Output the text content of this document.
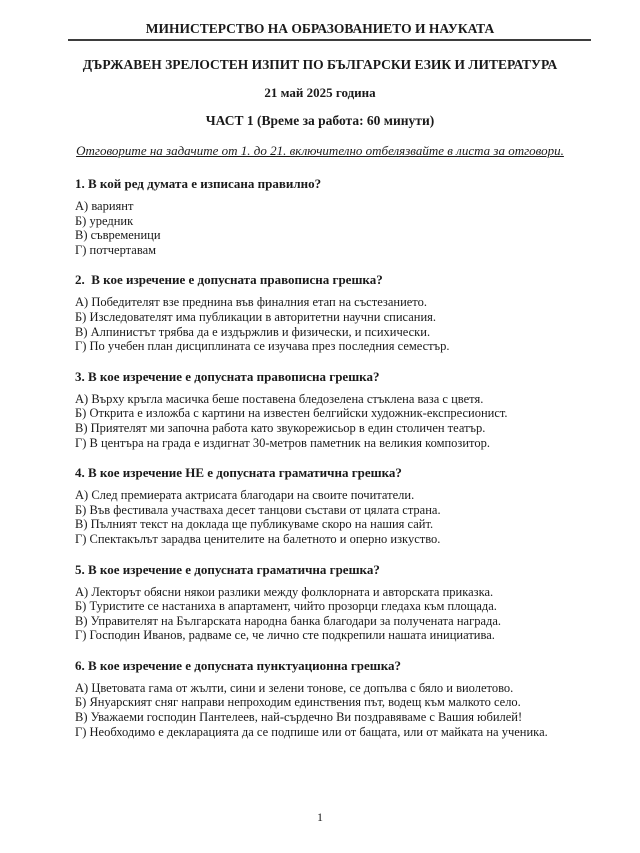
МИНИСТЕРСТВО НА ОБРАЗОВАНИЕТО И НАУКАТА
ДЪРЖАВЕН ЗРЕЛОСТЕН ИЗПИТ ПО БЪЛГАРСКИ ЕЗИК И ЛИТЕРАТУРА
21 май 2025 година
ЧАСТ 1 (Време за работа: 60 минути)
Отговорите на задачите от 1. до 21. включително отбелязвайте в листа за отговори.
1. В кой ред думата е изписана правилно?
А) вариянт
Б) уредник
В) съвременици
Г) потчертавам
2.  В кое изречение е допусната правописна грешка?
А) Победителят взе преднина във финалния етап на състезанието.
Б) Изследователят има публикации в авторитетни научни списания.
В) Алпинистът трябва да е издържлив и физически, и психически.
Г) По учебен план дисциплината се изучава през последния семестър.
3. В кое изречение е допусната правописна грешка?
А) Върху кръгла масичка беше поставена бледозелена стъклена ваза с цветя.
Б) Открита е изложба с картини на известен белгийски художник-експресионист.
В) Приятелят ми започна работа като звукорежисьор в един столичен театър.
Г) В центъра на града е издигнат 30-метров паметник на великия композитор.
4. В кое изречение НЕ е допусната граматична грешка?
А) След премиерата актрисата благодари на своите почитатели.
Б) Във фестивала участваха десет танцови състави от цялата страна.
В) Пълният текст на доклада ще публикуваме скоро на нашия сайт.
Г) Спектакълът зарадва ценителите на балетното и оперно изкуство.
5. В кое изречение е допусната граматична грешка?
А) Лекторът обясни някои разлики между фолклорната и авторската приказка.
Б) Туристите се настаниха в апартамент, чийто прозорци гледаха към площада.
В) Управителят на Българската народна банка благодари за получената награда.
Г) Господин Иванов, радваме се, че лично сте подкрепили нашата инициатива.
6. В кое изречение е допусната пунктуационна грешка?
А) Цветовата гама от жълти, сини и зелени тонове, се допълва с бяло и виолетово.
Б) Януарският сняг направи непроходим единствения път, водещ към малкото село.
В) Уважаеми господин Пантелеев, най-сърдечно Ви поздравяваме с Вашия юбилей!
Г) Необходимо е декларацията да се подпише или от бащата, или от майката на ученика.
1
